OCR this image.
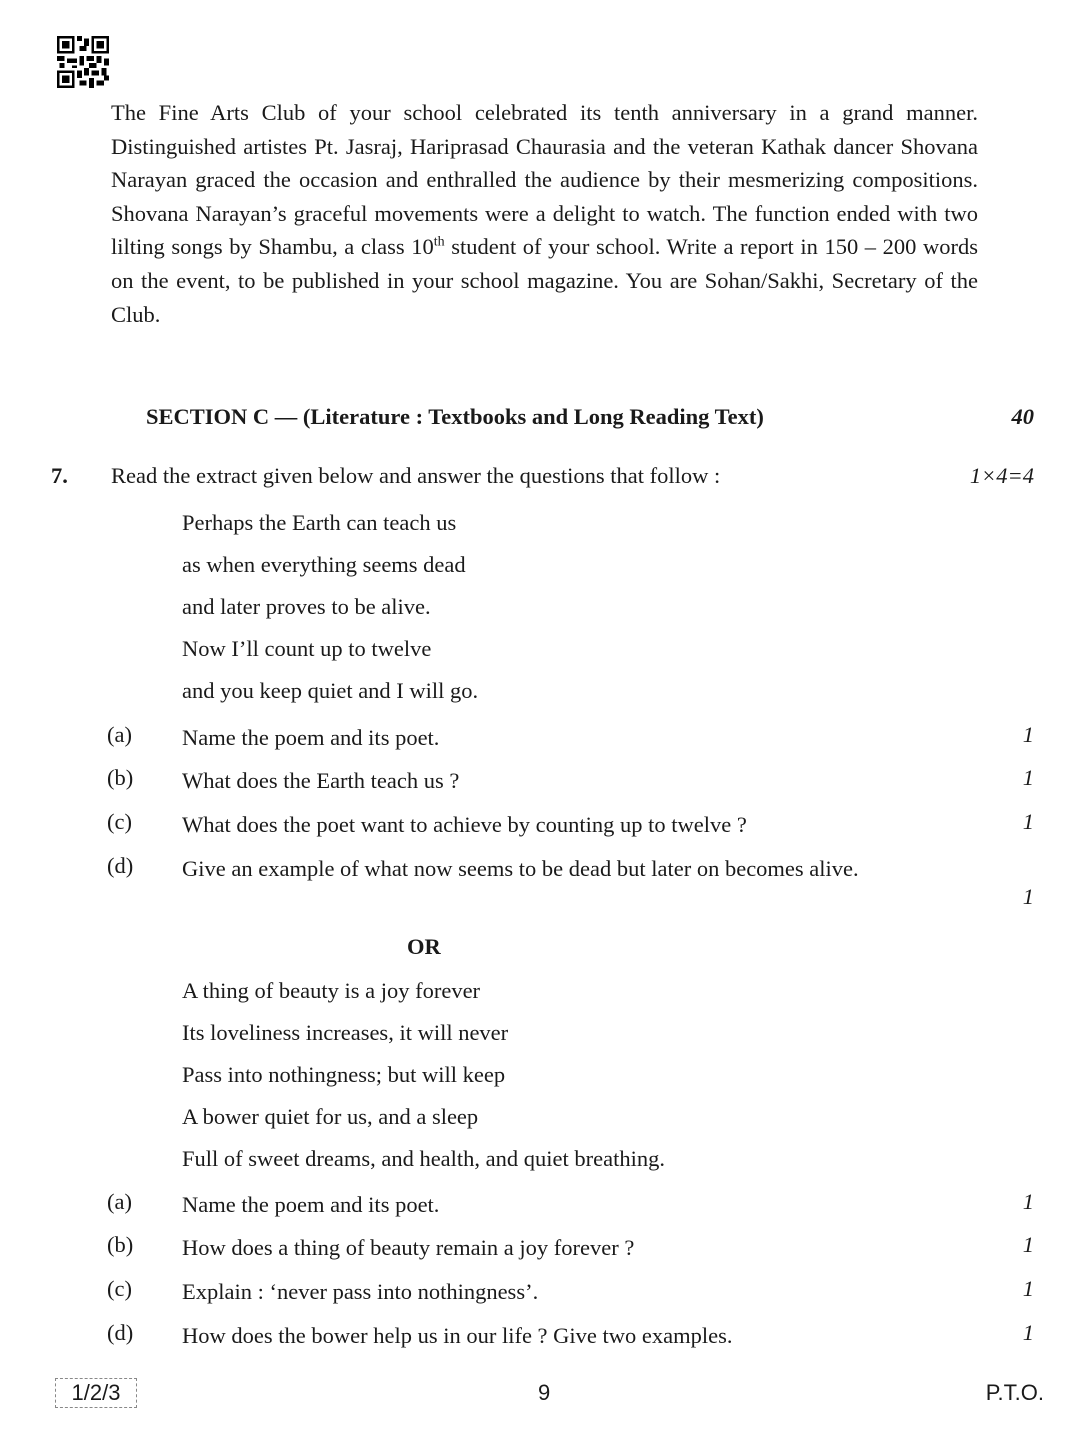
The Fine Arts Club of your school celebrated its tenth anniversary in a grand manner. Distinguished artistes Pt. Jasraj, Hariprasad Chaurasia and the veteran Kathak dancer Shovana Narayan graced the occasion and enthralled the audience by their mesmerizing compositions. Shovana Narayan’s graceful movements were a delight to watch. The function ended with two lilting songs by Shambu, a class 10th student of your school. Write a report in 150 – 200 words on the event, to be published in your school magazine. You are Sohan/Sakhi, Secretary of the Club.
SECTION C — (Literature : Textbooks and Long Reading Text)	40
7. Read the extract given below and answer the questions that follow :	1×4=4
Perhaps the Earth can teach us
as when everything seems dead
and later proves to be alive.
Now I’ll count up to twelve
and you keep quiet and I will go.
(a) Name the poem and its poet.	1
(b) What does the Earth teach us ?	1
(c) What does the poet want to achieve by counting up to twelve ?	1
(d) Give an example of what now seems to be dead but later on becomes alive.
1
OR
A thing of beauty is a joy forever
Its loveliness increases, it will never
Pass into nothingness; but will keep
A bower quiet for us, and a sleep
Full of sweet dreams, and health, and quiet breathing.
(a) Name the poem and its poet.	1
(b) How does a thing of beauty remain a joy forever ?	1
(c) Explain : ‘never pass into nothingness’.	1
(d) How does the bower help us in our life ? Give two examples.	1
1/2/3	9	P.T.O.
